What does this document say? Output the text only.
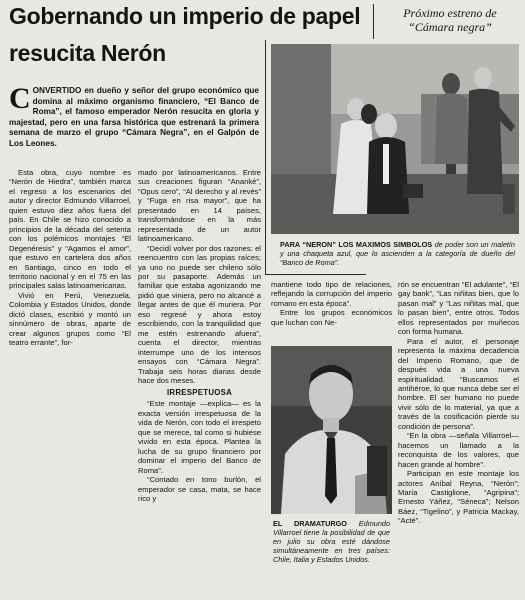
Gobernando un imperio de papel
resucita Nerón
Próximo estreno de
“Cámara negra”

CONVERTIDO en dueño y señor del grupo económico que domina al máximo organismo financiero, “El Banco de Roma”, el famoso emperador Nerón resucita en gloria y majestad, pero en una farsa histórica que estrenará la primera semana de marzo el grupo “Cámara Negra”, en el Galpón de Los Leones.

Esta obra, cuyo nombre es “Nerón de Hiedra”, también marca el regreso a los escenarios del autor y director Edmundo Villarroel, quien estuvo diez años fuera del país. En Chile se hizo conocido a principios de la década del setenta con los polémicos montajes “El Degenéresis” y “Agamos el amor”, que estuvo en cartelera dos años en Santiago, cinco en todo el territorio nacional y en el 75 en las principales salas latinoamericanas.

Vivió en Perú, Venezuela, Colombia y Estados Unidos, donde dictó clases, escribió y montó un sinnúmero de obras, aparte de crear algunos grupos como “El teatro errante”, for-

mado por latinoamericanos. Entre sus creaciones figuran “Ananké”, “Opus cero”, “Al derecho y al revés” y “Fuga en risa mayor”, que ha presentado en 14 países, transformándose en la más representada de un autor latinoamericano.

“Decidí volver por dos razones: el reencuentro con las propias raíces; ya uno no puede ser chileno sólo por su pasaporte. Además un familiar que estaba agonizando me pidió que viniera, pero no alcancé a llegar antes de que él muriera. Por eso regresé y ahora estoy escribiendo, con la tranquilidad que me estén estrenando afuera”, cuenta el director, mientras interrumpe uno de los intensos ensayos con “Cámara Negra”. Trabaja seis horas diarias desde hace dos meses.

IRRESPETUOSA

“Este montaje —explica— es la exacta versión irrespetuosa de la vida de Nerón, con todo el irrespeto que se merece, tal como si hubiese vivido en esta época. Plantea la lucha de su grupo financiero por dominar el imperio del Banco de Roma”.

“Contado en tono burlón, el emperador se casa, mata, se hace rico y

PARA “NERON” LOS MAXIMOS SIMBOLOS de poder son un maletín y una chaqueta azul, que lo ascienden a la categoría de dueño del “Banco de Roma”.

mantiene todo tipo de relaciones, reflejando la corrupción del imperio romano en esta época”.

Entre los grupos económicos que luchan con Ne-

EL DRAMATURGO Edmundo Villarroel tiene la posibilidad de que en julio su obra esté dándose simultáneamente en tres países: Chile, Italia y Estados Unidos.

rón se encuentran “El adulante”, “El gay bank”, “Las niñitas bien, que lo pasan mal” y “Las niñitas mal, que lo pasan bien”, entre otros. Todos ellos representados por muñecos con forma humana.

Para el autor, el personaje representa la máxima decadencia del Imperio Romano, que de después vida a una nueva espiritualidad. “Buscamos el antihéroe, lo que nunca debe ser el hombre. El ser humano no puede vivir sólo de lo material, ya que a través de la cosificación pierde su condición de persona”.

“En la obra —señala Villarroel— hacemos un llamado a la reconquista de los valores, que hacen grande al hombre”.

Participan en este montaje los actores Aníbal Reyna, “Nerón”; María Castiglione, “Agripina”; Ernesto Yáñez, “Séneca”; Nelson Báez, “Tigelino”, y Patricia Mackay, “Acté”.
